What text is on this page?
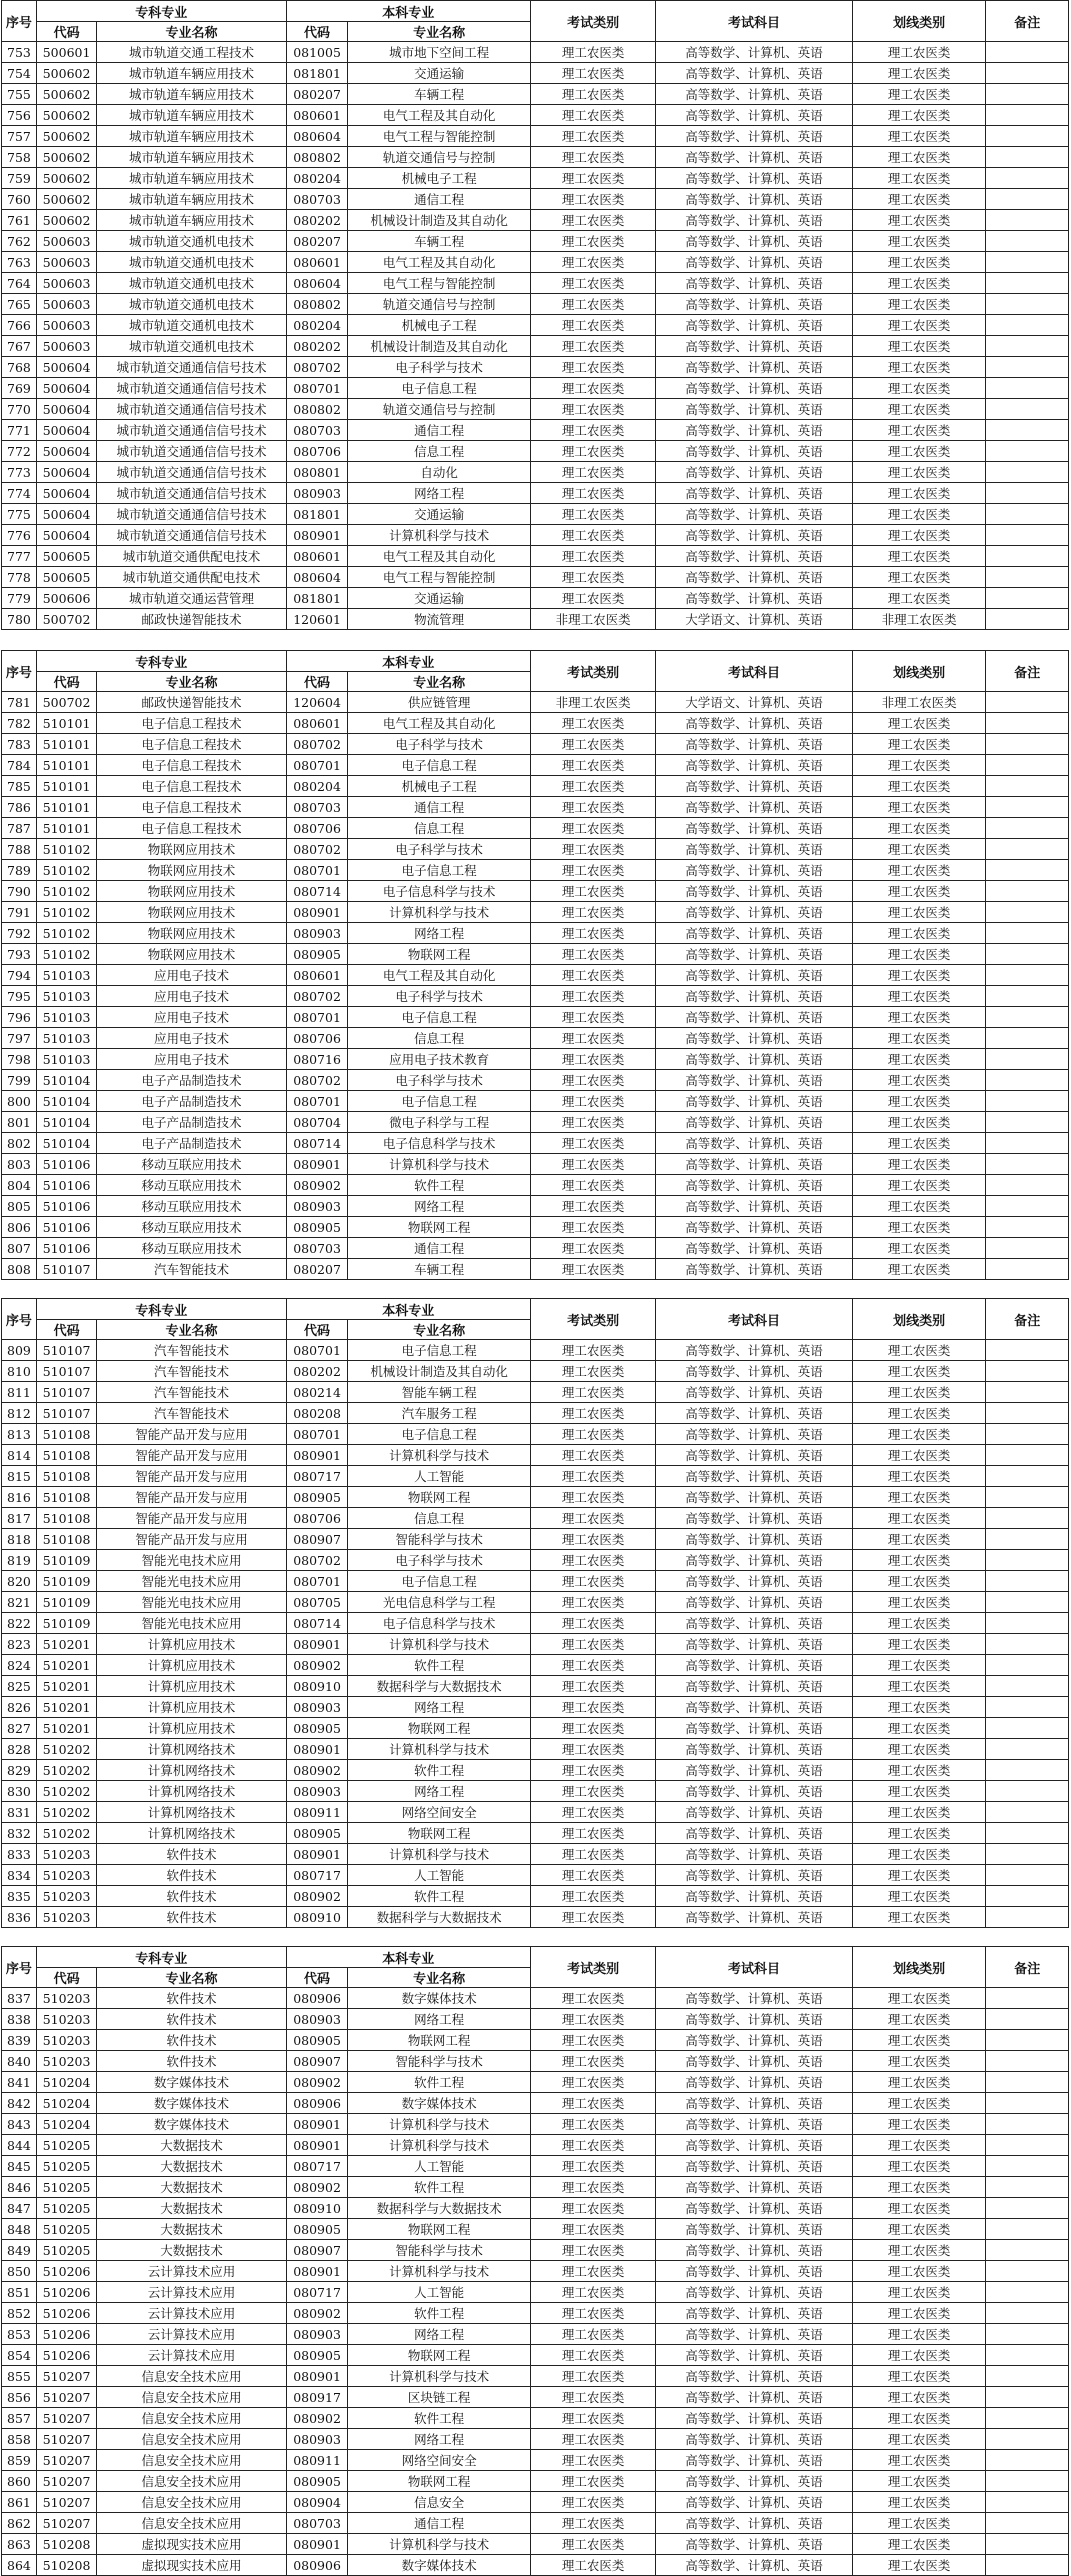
序号	专科专业		本科专业		考试类别	考试科目	划线类别	备注
	代码	专业名称	代码	专业名称				
753	500601	城市轨道交通工程技术	081005	城市地下空间工程	理工农医类	高等数学、计算机、英语	理工农医类	
754	500602	城市轨道车辆应用技术	081801	交通运输	理工农医类	高等数学、计算机、英语	理工农医类	
755	500602	城市轨道车辆应用技术	080207	车辆工程	理工农医类	高等数学、计算机、英语	理工农医类	
756	500602	城市轨道车辆应用技术	080601	电气工程及其自动化	理工农医类	高等数学、计算机、英语	理工农医类	
757	500602	城市轨道车辆应用技术	080604	电气工程与智能控制	理工农医类	高等数学、计算机、英语	理工农医类	
758	500602	城市轨道车辆应用技术	080802	轨道交通信号与控制	理工农医类	高等数学、计算机、英语	理工农医类	
759	500602	城市轨道车辆应用技术	080204	机械电子工程	理工农医类	高等数学、计算机、英语	理工农医类	
760	500602	城市轨道车辆应用技术	080703	通信工程	理工农医类	高等数学、计算机、英语	理工农医类	
761	500602	城市轨道车辆应用技术	080202	机械设计制造及其自动化	理工农医类	高等数学、计算机、英语	理工农医类	
762	500603	城市轨道交通机电技术	080207	车辆工程	理工农医类	高等数学、计算机、英语	理工农医类	
763	500603	城市轨道交通机电技术	080601	电气工程及其自动化	理工农医类	高等数学、计算机、英语	理工农医类	
764	500603	城市轨道交通机电技术	080604	电气工程与智能控制	理工农医类	高等数学、计算机、英语	理工农医类	
765	500603	城市轨道交通机电技术	080802	轨道交通信号与控制	理工农医类	高等数学、计算机、英语	理工农医类	
766	500603	城市轨道交通机电技术	080204	机械电子工程	理工农医类	高等数学、计算机、英语	理工农医类	
767	500603	城市轨道交通机电技术	080202	机械设计制造及其自动化	理工农医类	高等数学、计算机、英语	理工农医类	
768	500604	城市轨道交通通信信号技术	080702	电子科学与技术	理工农医类	高等数学、计算机、英语	理工农医类	
769	500604	城市轨道交通通信信号技术	080701	电子信息工程	理工农医类	高等数学、计算机、英语	理工农医类	
770	500604	城市轨道交通通信信号技术	080802	轨道交通信号与控制	理工农医类	高等数学、计算机、英语	理工农医类	
771	500604	城市轨道交通通信信号技术	080703	通信工程	理工农医类	高等数学、计算机、英语	理工农医类	
772	500604	城市轨道交通通信信号技术	080706	信息工程	理工农医类	高等数学、计算机、英语	理工农医类	
773	500604	城市轨道交通通信信号技术	080801	自动化	理工农医类	高等数学、计算机、英语	理工农医类	
774	500604	城市轨道交通通信信号技术	080903	网络工程	理工农医类	高等数学、计算机、英语	理工农医类	
775	500604	城市轨道交通通信信号技术	081801	交通运输	理工农医类	高等数学、计算机、英语	理工农医类	
776	500604	城市轨道交通通信信号技术	080901	计算机科学与技术	理工农医类	高等数学、计算机、英语	理工农医类	
777	500605	城市轨道交通供配电技术	080601	电气工程及其自动化	理工农医类	高等数学、计算机、英语	理工农医类	
778	500605	城市轨道交通供配电技术	080604	电气工程与智能控制	理工农医类	高等数学、计算机、英语	理工农医类	
779	500606	城市轨道交通运营管理	081801	交通运输	理工农医类	高等数学、计算机、英语	理工农医类	
780	500702	邮政快递智能技术	120601	物流管理	非理工农医类	大学语文、计算机、英语	非理工农医类	
序号	专科专业		本科专业		考试类别	考试科目	划线类别	备注
	代码	专业名称	代码	专业名称				
781	500702	邮政快递智能技术	120604	供应链管理	非理工农医类	大学语文、计算机、英语	非理工农医类	
782	510101	电子信息工程技术	080601	电气工程及其自动化	理工农医类	高等数学、计算机、英语	理工农医类	
783	510101	电子信息工程技术	080702	电子科学与技术	理工农医类	高等数学、计算机、英语	理工农医类	
784	510101	电子信息工程技术	080701	电子信息工程	理工农医类	高等数学、计算机、英语	理工农医类	
785	510101	电子信息工程技术	080204	机械电子工程	理工农医类	高等数学、计算机、英语	理工农医类	
786	510101	电子信息工程技术	080703	通信工程	理工农医类	高等数学、计算机、英语	理工农医类	
787	510101	电子信息工程技术	080706	信息工程	理工农医类	高等数学、计算机、英语	理工农医类	
788	510102	物联网应用技术	080702	电子科学与技术	理工农医类	高等数学、计算机、英语	理工农医类	
789	510102	物联网应用技术	080701	电子信息工程	理工农医类	高等数学、计算机、英语	理工农医类	
790	510102	物联网应用技术	080714	电子信息科学与技术	理工农医类	高等数学、计算机、英语	理工农医类	
791	510102	物联网应用技术	080901	计算机科学与技术	理工农医类	高等数学、计算机、英语	理工农医类	
792	510102	物联网应用技术	080903	网络工程	理工农医类	高等数学、计算机、英语	理工农医类	
793	510102	物联网应用技术	080905	物联网工程	理工农医类	高等数学、计算机、英语	理工农医类	
794	510103	应用电子技术	080601	电气工程及其自动化	理工农医类	高等数学、计算机、英语	理工农医类	
795	510103	应用电子技术	080702	电子科学与技术	理工农医类	高等数学、计算机、英语	理工农医类	
796	510103	应用电子技术	080701	电子信息工程	理工农医类	高等数学、计算机、英语	理工农医类	
797	510103	应用电子技术	080706	信息工程	理工农医类	高等数学、计算机、英语	理工农医类	
798	510103	应用电子技术	080716	应用电子技术教育	理工农医类	高等数学、计算机、英语	理工农医类	
799	510104	电子产品制造技术	080702	电子科学与技术	理工农医类	高等数学、计算机、英语	理工农医类	
800	510104	电子产品制造技术	080701	电子信息工程	理工农医类	高等数学、计算机、英语	理工农医类	
801	510104	电子产品制造技术	080704	微电子科学与工程	理工农医类	高等数学、计算机、英语	理工农医类	
802	510104	电子产品制造技术	080714	电子信息科学与技术	理工农医类	高等数学、计算机、英语	理工农医类	
803	510106	移动互联应用技术	080901	计算机科学与技术	理工农医类	高等数学、计算机、英语	理工农医类	
804	510106	移动互联应用技术	080902	软件工程	理工农医类	高等数学、计算机、英语	理工农医类	
805	510106	移动互联应用技术	080903	网络工程	理工农医类	高等数学、计算机、英语	理工农医类	
806	510106	移动互联应用技术	080905	物联网工程	理工农医类	高等数学、计算机、英语	理工农医类	
807	510106	移动互联应用技术	080703	通信工程	理工农医类	高等数学、计算机、英语	理工农医类	
808	510107	汽车智能技术	080207	车辆工程	理工农医类	高等数学、计算机、英语	理工农医类	
序号	专科专业		本科专业		考试类别	考试科目	划线类别	备注
	代码	专业名称	代码	专业名称				
809	510107	汽车智能技术	080701	电子信息工程	理工农医类	高等数学、计算机、英语	理工农医类	
810	510107	汽车智能技术	080202	机械设计制造及其自动化	理工农医类	高等数学、计算机、英语	理工农医类	
811	510107	汽车智能技术	080214	智能车辆工程	理工农医类	高等数学、计算机、英语	理工农医类	
812	510107	汽车智能技术	080208	汽车服务工程	理工农医类	高等数学、计算机、英语	理工农医类	
813	510108	智能产品开发与应用	080701	电子信息工程	理工农医类	高等数学、计算机、英语	理工农医类	
814	510108	智能产品开发与应用	080901	计算机科学与技术	理工农医类	高等数学、计算机、英语	理工农医类	
815	510108	智能产品开发与应用	080717	人工智能	理工农医类	高等数学、计算机、英语	理工农医类	
816	510108	智能产品开发与应用	080905	物联网工程	理工农医类	高等数学、计算机、英语	理工农医类	
817	510108	智能产品开发与应用	080706	信息工程	理工农医类	高等数学、计算机、英语	理工农医类	
818	510108	智能产品开发与应用	080907	智能科学与技术	理工农医类	高等数学、计算机、英语	理工农医类	
819	510109	智能光电技术应用	080702	电子科学与技术	理工农医类	高等数学、计算机、英语	理工农医类	
820	510109	智能光电技术应用	080701	电子信息工程	理工农医类	高等数学、计算机、英语	理工农医类	
821	510109	智能光电技术应用	080705	光电信息科学与工程	理工农医类	高等数学、计算机、英语	理工农医类	
822	510109	智能光电技术应用	080714	电子信息科学与技术	理工农医类	高等数学、计算机、英语	理工农医类	
823	510201	计算机应用技术	080901	计算机科学与技术	理工农医类	高等数学、计算机、英语	理工农医类	
824	510201	计算机应用技术	080902	软件工程	理工农医类	高等数学、计算机、英语	理工农医类	
825	510201	计算机应用技术	080910	数据科学与大数据技术	理工农医类	高等数学、计算机、英语	理工农医类	
826	510201	计算机应用技术	080903	网络工程	理工农医类	高等数学、计算机、英语	理工农医类	
827	510201	计算机应用技术	080905	物联网工程	理工农医类	高等数学、计算机、英语	理工农医类	
828	510202	计算机网络技术	080901	计算机科学与技术	理工农医类	高等数学、计算机、英语	理工农医类	
829	510202	计算机网络技术	080902	软件工程	理工农医类	高等数学、计算机、英语	理工农医类	
830	510202	计算机网络技术	080903	网络工程	理工农医类	高等数学、计算机、英语	理工农医类	
831	510202	计算机网络技术	080911	网络空间安全	理工农医类	高等数学、计算机、英语	理工农医类	
832	510202	计算机网络技术	080905	物联网工程	理工农医类	高等数学、计算机、英语	理工农医类	
833	510203	软件技术	080901	计算机科学与技术	理工农医类	高等数学、计算机、英语	理工农医类	
834	510203	软件技术	080717	人工智能	理工农医类	高等数学、计算机、英语	理工农医类	
835	510203	软件技术	080902	软件工程	理工农医类	高等数学、计算机、英语	理工农医类	
836	510203	软件技术	080910	数据科学与大数据技术	理工农医类	高等数学、计算机、英语	理工农医类	
序号	专科专业		本科专业		考试类别	考试科目	划线类别	备注
	代码	专业名称	代码	专业名称				
837	510203	软件技术	080906	数字媒体技术	理工农医类	高等数学、计算机、英语	理工农医类	
838	510203	软件技术	080903	网络工程	理工农医类	高等数学、计算机、英语	理工农医类	
839	510203	软件技术	080905	物联网工程	理工农医类	高等数学、计算机、英语	理工农医类	
840	510203	软件技术	080907	智能科学与技术	理工农医类	高等数学、计算机、英语	理工农医类	
841	510204	数字媒体技术	080902	软件工程	理工农医类	高等数学、计算机、英语	理工农医类	
842	510204	数字媒体技术	080906	数字媒体技术	理工农医类	高等数学、计算机、英语	理工农医类	
843	510204	数字媒体技术	080901	计算机科学与技术	理工农医类	高等数学、计算机、英语	理工农医类	
844	510205	大数据技术	080901	计算机科学与技术	理工农医类	高等数学、计算机、英语	理工农医类	
845	510205	大数据技术	080717	人工智能	理工农医类	高等数学、计算机、英语	理工农医类	
846	510205	大数据技术	080902	软件工程	理工农医类	高等数学、计算机、英语	理工农医类	
847	510205	大数据技术	080910	数据科学与大数据技术	理工农医类	高等数学、计算机、英语	理工农医类	
848	510205	大数据技术	080905	物联网工程	理工农医类	高等数学、计算机、英语	理工农医类	
849	510205	大数据技术	080907	智能科学与技术	理工农医类	高等数学、计算机、英语	理工农医类	
850	510206	云计算技术应用	080901	计算机科学与技术	理工农医类	高等数学、计算机、英语	理工农医类	
851	510206	云计算技术应用	080717	人工智能	理工农医类	高等数学、计算机、英语	理工农医类	
852	510206	云计算技术应用	080902	软件工程	理工农医类	高等数学、计算机、英语	理工农医类	
853	510206	云计算技术应用	080903	网络工程	理工农医类	高等数学、计算机、英语	理工农医类	
854	510206	云计算技术应用	080905	物联网工程	理工农医类	高等数学、计算机、英语	理工农医类	
855	510207	信息安全技术应用	080901	计算机科学与技术	理工农医类	高等数学、计算机、英语	理工农医类	
856	510207	信息安全技术应用	080917	区块链工程	理工农医类	高等数学、计算机、英语	理工农医类	
857	510207	信息安全技术应用	080902	软件工程	理工农医类	高等数学、计算机、英语	理工农医类	
858	510207	信息安全技术应用	080903	网络工程	理工农医类	高等数学、计算机、英语	理工农医类	
859	510207	信息安全技术应用	080911	网络空间安全	理工农医类	高等数学、计算机、英语	理工农医类	
860	510207	信息安全技术应用	080905	物联网工程	理工农医类	高等数学、计算机、英语	理工农医类	
861	510207	信息安全技术应用	080904	信息安全	理工农医类	高等数学、计算机、英语	理工农医类	
862	510207	信息安全技术应用	080703	通信工程	理工农医类	高等数学、计算机、英语	理工农医类	
863	510208	虚拟现实技术应用	080901	计算机科学与技术	理工农医类	高等数学、计算机、英语	理工农医类	
864	510208	虚拟现实技术应用	080906	数字媒体技术	理工农医类	高等数学、计算机、英语	理工农医类	
